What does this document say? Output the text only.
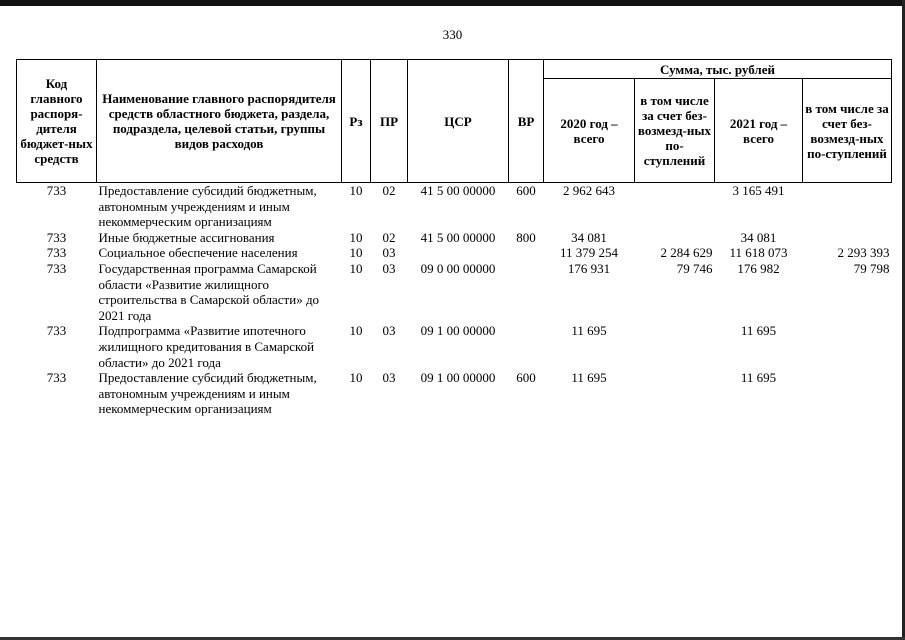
330
Код главного распоря-дителя бюджет-ных средств	Наименование главного распорядителя средств областного бюджета, раздела, подраздела, целевой статьи, группы видов расходов	Рз	ПР	ЦСР	ВР	Сумма, тыс. рублей			
						2020 год – всего	в том числе за счет без-возмезд-ных по-ступлений	2021 год – всего	в том числе за счет без-возмезд-ных по-ступлений
733	Предоставление субсидий бюджетным, автономным учреждениям и иным некоммерческим организациям	10	02	41 5 00 00000	600	2 962 643		3 165 491	
733	Иные бюджетные ассигнования	10	02	41 5 00 00000	800	34 081		34 081	
733	Социальное обеспечение населения	10	03			11 379 254	2 284 629	11 618 073	2 293 393
733	Государственная программа Самарской области «Развитие жилищного строительства в Самарской области» до 2021 года	10	03	09 0 00 00000		176 931	79 746	176 982	79 798
733	Подпрограмма «Развитие ипотечного жилищного кредитования в Самарской области» до 2021 года	10	03	09 1 00 00000		11 695		11 695	
733	Предоставление субсидий бюджетным, автономным учреждениям и иным некоммерческим организациям	10	03	09 1 00 00000	600	11 695		11 695	
